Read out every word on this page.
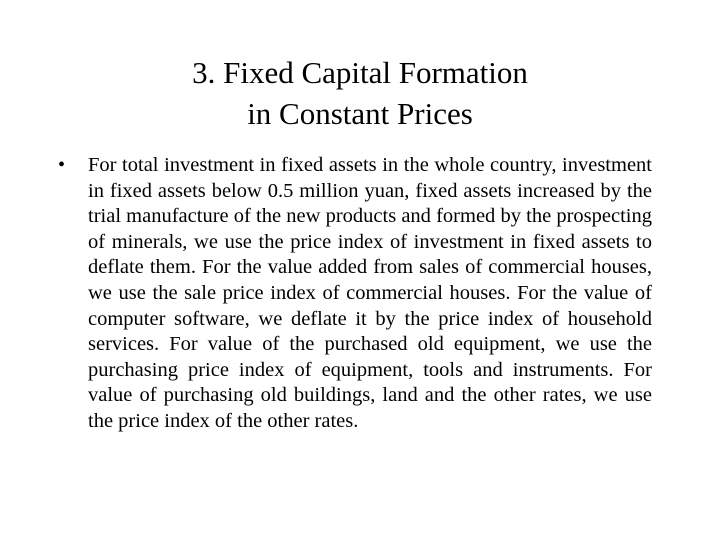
3. Fixed Capital Formation
in Constant Prices
• For total investment in fixed assets in the whole country, investment in fixed assets below 0.5 million yuan, fixed assets increased by the trial manufacture of the new products and formed by the prospecting of minerals, we use the price index of investment in fixed assets to deflate them. For the value added from sales of commercial houses, we use the sale price index of commercial houses. For the value of computer software, we deflate it by the price index of household services. For value of the purchased old equipment, we use the purchasing price index of equipment, tools and instruments. For value of purchasing old buildings, land and the other rates, we use the price index of the other rates.
